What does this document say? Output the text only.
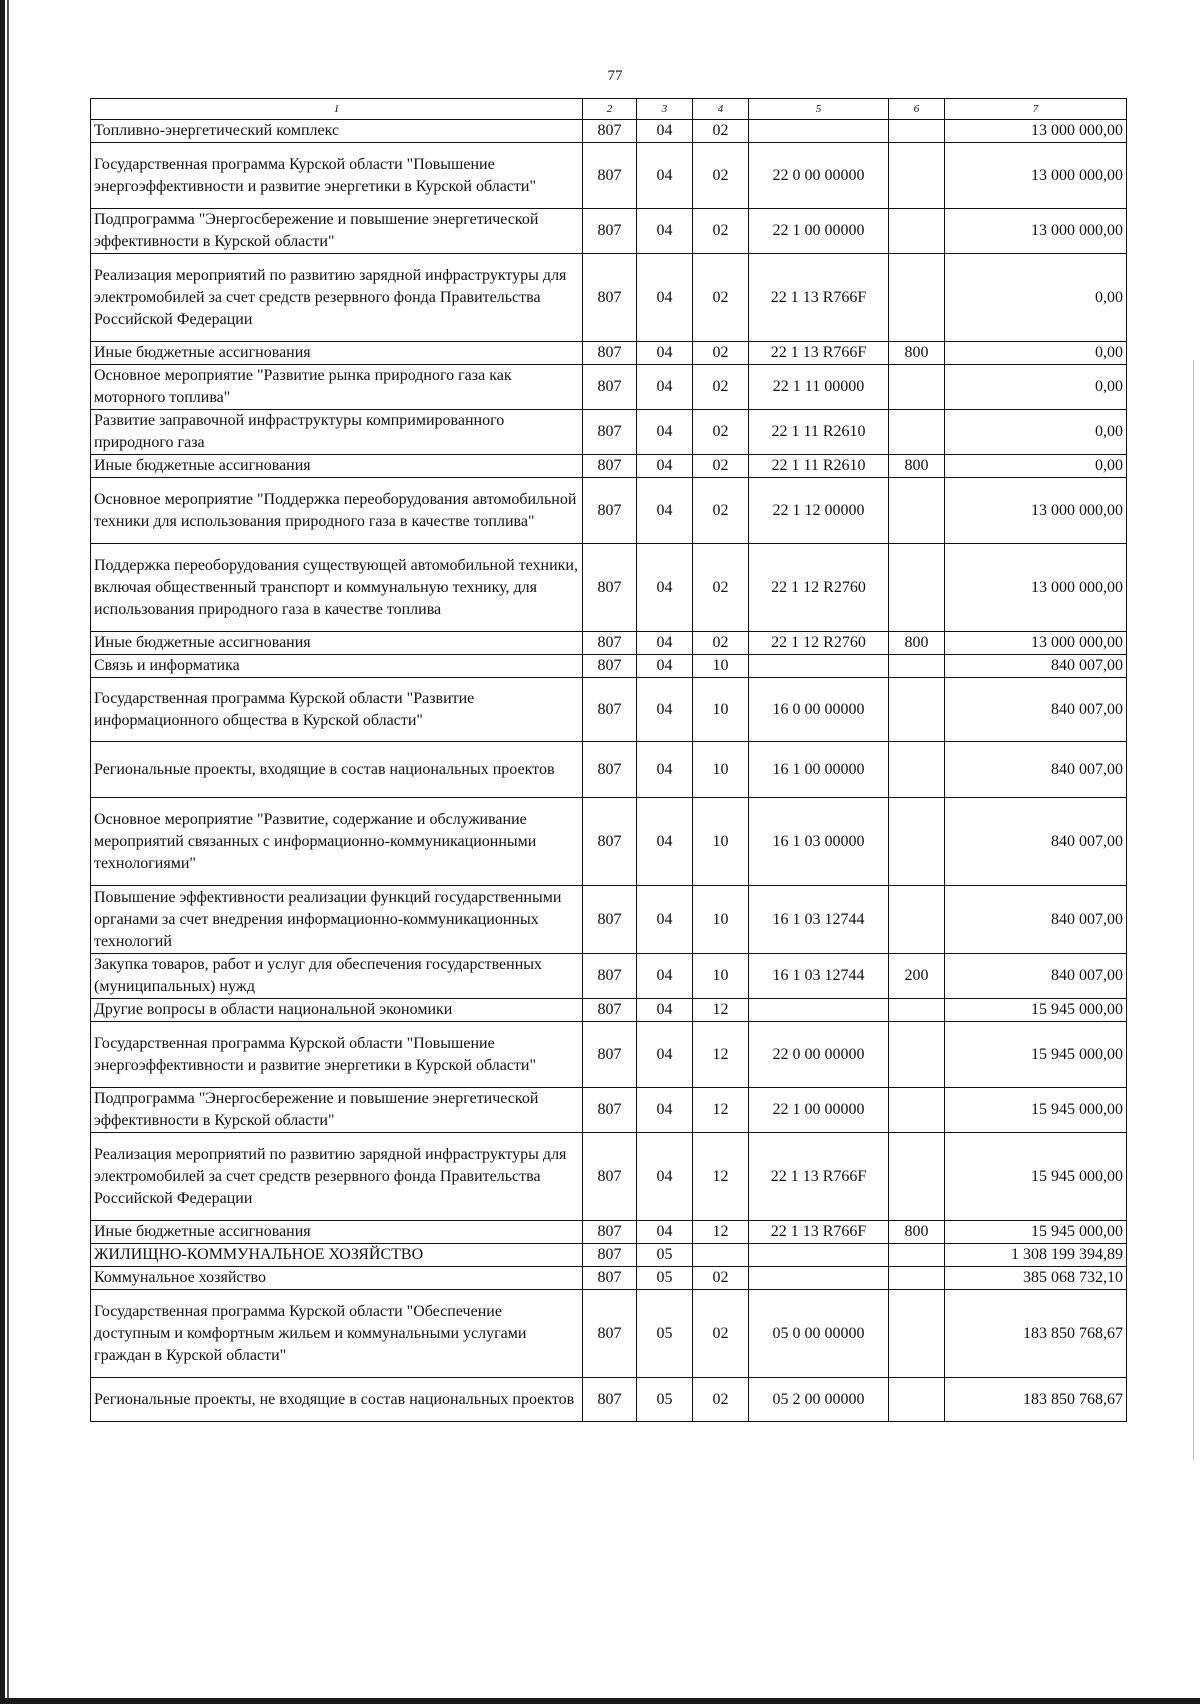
77
1	2	3	4	5	6	7
Топливно-энергетический комплекс	807	04	02			13 000 000,00
Государственная программа Курской области "Повышение энергоэффективности и развитие энергетики в Курской области"	807	04	02	22 0 00 00000		13 000 000,00
Подпрограмма "Энергосбережение и повышение энергетической эффективности в Курской области"	807	04	02	22 1 00 00000		13 000 000,00
Реализация мероприятий по развитию зарядной инфраструктуры для электромобилей за счет средств резервного фонда Правительства Российской Федерации	807	04	02	22 1 13 R766F		0,00
Иные бюджетные ассигнования	807	04	02	22 1 13 R766F	800	0,00
Основное мероприятие "Развитие рынка природного газа как моторного топлива"	807	04	02	22 1 11 00000		0,00
Развитие заправочной инфраструктуры компримированного природного газа	807	04	02	22 1 11 R2610		0,00
Иные бюджетные ассигнования	807	04	02	22 1 11 R2610	800	0,00
Основное мероприятие "Поддержка переоборудования автомобильной техники для использования природного газа в качестве топлива"	807	04	02	22 1 12 00000		13 000 000,00
Поддержка переоборудования существующей автомобильной техники, включая общественный транспорт и коммунальную технику, для использования природного газа в качестве топлива	807	04	02	22 1 12 R2760		13 000 000,00
Иные бюджетные ассигнования	807	04	02	22 1 12 R2760	800	13 000 000,00
Связь и информатика	807	04	10			840 007,00
Государственная программа Курской области "Развитие информационного общества в Курской области"	807	04	10	16 0 00 00000		840 007,00
Региональные проекты, входящие в состав национальных проектов	807	04	10	16 1 00 00000		840 007,00
Основное мероприятие "Развитие, содержание и обслуживание мероприятий связанных с информационно-коммуникационными технологиями"	807	04	10	16 1 03 00000		840 007,00
Повышение эффективности реализации функций государственными органами за счет внедрения информационно-коммуникационных технологий	807	04	10	16 1 03 12744		840 007,00
Закупка товаров, работ и услуг для обеспечения государственных (муниципальных) нужд	807	04	10	16 1 03 12744	200	840 007,00
Другие вопросы в области национальной экономики	807	04	12			15 945 000,00
Государственная программа Курской области "Повышение энергоэффективности и развитие энергетики в Курской области"	807	04	12	22 0 00 00000		15 945 000,00
Подпрограмма "Энергосбережение и повышение энергетической эффективности в Курской области"	807	04	12	22 1 00 00000		15 945 000,00
Реализация мероприятий по развитию зарядной инфраструктуры для электромобилей за счет средств резервного фонда Правительства Российской Федерации	807	04	12	22 1 13 R766F		15 945 000,00
Иные бюджетные ассигнования	807	04	12	22 1 13 R766F	800	15 945 000,00
ЖИЛИЩНО-КОММУНАЛЬНОЕ ХОЗЯЙСТВО	807	05				1 308 199 394,89
Коммунальное хозяйство	807	05	02			385 068 732,10
Государственная программа Курской области "Обеспечение доступным и комфортным жильем и коммунальными услугами граждан в Курской области"	807	05	02	05 0 00 00000		183 850 768,67
Региональные проекты, не входящие в состав национальных проектов	807	05	02	05 2 00 00000		183 850 768,67
